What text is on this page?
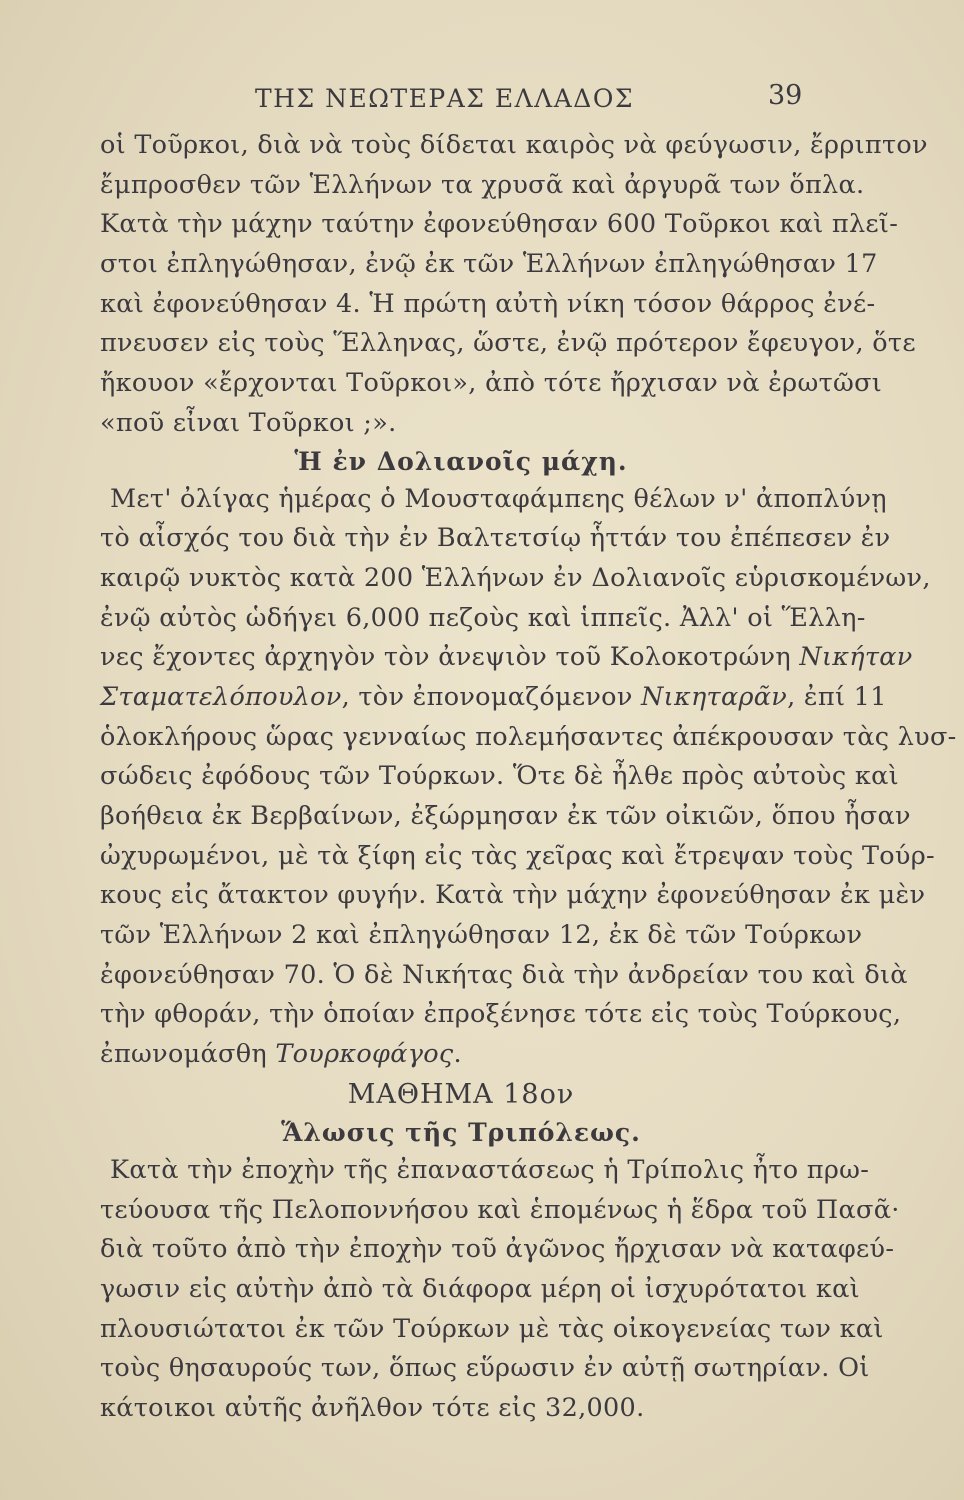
ΤΗΣ ΝΕΩΤΕΡΑΣ ΕΛΛΑΔΟΣ	39
οἱ Τοῦρκοι, διὰ νὰ τοὺς δίδεται καιρὸς νὰ φεύγωσιν, ἔρριπτον
ἔμπροσθεν τῶν Ἑλλήνων τα χρυσᾶ καὶ ἀργυρᾶ των ὅπλα.
Κατὰ τὴν μάχην ταύτην ἐφονεύθησαν 600 Τοῦρκοι καὶ πλεῖ-
στοι ἐπληγώθησαν, ἐνῷ ἐκ τῶν Ἑλλήνων ἐπληγώθησαν 17
καὶ ἐφονεύθησαν 4. Ἡ πρώτη αὐτὴ νίκη τόσον θάρρος ἐνέ-
πνευσεν εἰς τοὺς Ἕλληνας, ὥστε, ἐνῷ πρότερον ἔφευγον, ὅτε
ἤκουον «ἔρχονται Τοῦρκοι», ἀπὸ τότε ἤρχισαν νὰ ἐρωτῶσι
«ποῦ εἶναι Τοῦρκοι ;».
Ἡ ἐν Δολιανοῖς μάχη.
Μετ' ὀλίγας ἡμέρας ὁ Μουσταφάμπεης θέλων ν' ἀποπλύνῃ
τὸ αἶσχός του διὰ τὴν ἐν Βαλτετσίῳ ἧττάν του ἐπέπεσεν ἐν
καιρῷ νυκτὸς κατὰ 200 Ἑλλήνων ἐν Δολιανοῖς εὑρισκομένων,
ἐνῷ αὐτὸς ὡδήγει 6,000 πεζοὺς καὶ ἱππεῖς. Ἀλλ' οἱ Ἕλλη-
νες ἔχοντες ἀρχηγὸν τὸν ἀνεψιὸν τοῦ Κολοκοτρώνη Νικήταν
Σταματελόπουλον, τὸν ἐπονομαζόμενον Νικηταρᾶν, ἐπί 11
ὁλοκλήρους ὥρας γενναίως πολεμήσαντες ἀπέκρουσαν τὰς λυσ-
σώδεις ἐφόδους τῶν Τούρκων. Ὅτε δὲ ἦλθε πρὸς αὐτοὺς καὶ
βοήθεια ἐκ Βερβαίνων, ἐξώρμησαν ἐκ τῶν οἰκιῶν, ὅπου ἦσαν
ὠχυρωμένοι, μὲ τὰ ξίφη εἰς τὰς χεῖρας καὶ ἔτρεψαν τοὺς Τούρ-
κους εἰς ἄτακτον φυγήν. Κατὰ τὴν μάχην ἐφονεύθησαν ἐκ μὲν
τῶν Ἑλλήνων 2 καὶ ἐπληγώθησαν 12, ἐκ δὲ τῶν Τούρκων
ἐφονεύθησαν 70. Ὁ δὲ Νικήτας διὰ τὴν ἀνδρείαν του καὶ διὰ
τὴν φθοράν, τὴν ὁποίαν ἐπροξένησε τότε εἰς τοὺς Τούρκους,
ἐπωνομάσθη Τουρκοφάγος.
ΜΑΘΗΜΑ 18ον
Ἅλωσις τῆς Τριπόλεως.
Κατὰ τὴν ἐποχὴν τῆς ἐπαναστάσεως ἡ Τρίπολις ἦτο πρω-
τεύουσα τῆς Πελοποννήσου καὶ ἑπομένως ἡ ἕδρα τοῦ Πασᾶ·
διὰ τοῦτο ἀπὸ τὴν ἐποχὴν τοῦ ἀγῶνος ἤρχισαν νὰ καταφεύ-
γωσιν εἰς αὐτὴν ἀπὸ τὰ διάφορα μέρη οἱ ἰσχυρότατοι καὶ
πλουσιώτατοι ἐκ τῶν Τούρκων μὲ τὰς οἰκογενείας των καὶ
τοὺς θησαυρούς των, ὅπως εὕρωσιν ἐν αὐτῇ σωτηρίαν. Οἱ
κάτοικοι αὐτῆς ἀνῆλθον τότε εἰς 32,000.
